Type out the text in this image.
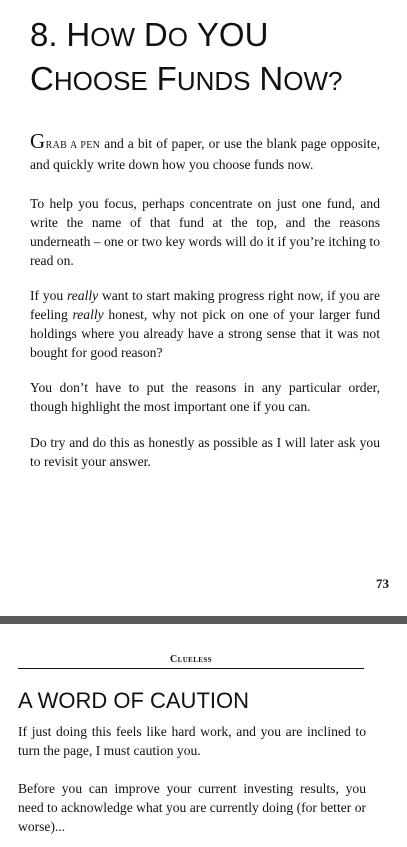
8. HOW DO YOU
CHOOSE FUNDS NOW?

GRAB A PEN and a bit of paper, or use the blank page opposite, and quickly write down how you choose funds now.

To help you focus, perhaps concentrate on just one fund, and write the name of that fund at the top, and the reasons underneath – one or two key words will do it if you’re itching to read on.

If you really want to start making progress right now, if you are feeling really honest, why not pick on one of your larger fund holdings where you already have a strong sense that it was not bought for good reason?

You don’t have to put the reasons in any particular order, though highlight the most important one if you can.

Do try and do this as honestly as possible as I will later ask you to revisit your answer.

73
Clueless
A WORD OF CAUTION

If just doing this feels like hard work, and you are inclined to turn the page, I must caution you.

Before you can improve your current investing results, you need to acknowledge what you are currently doing (for better or worse)...
